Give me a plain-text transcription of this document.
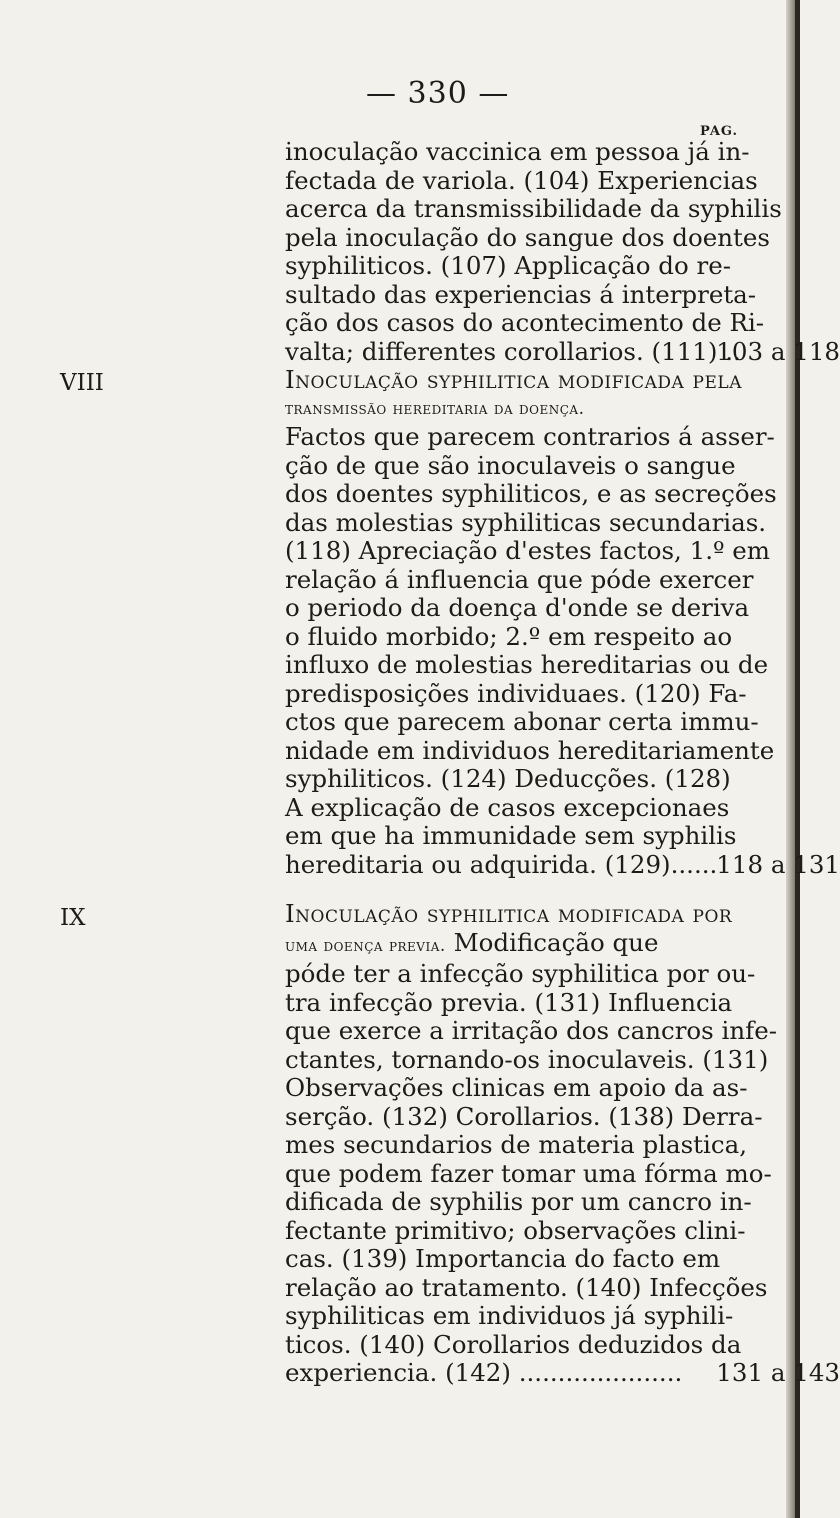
— 330 —
PAG.
inoculação vaccinica em pessoa já in-
fectada de variola. (104) Experiencias
acerca da transmissibilidade da syphilis
pela inoculação do sangue dos doentes
syphiliticos. (107) Applicação do re-
sultado das experiencias á interpreta-
ção dos casos do acontecimento de Ri-
valta; differentes corollarios. (111) ..
103 a 118
VIII	Inoculação syphilitica modificada pela
transmissão hereditaria da doença.
Factos que parecem contrarios á asser-
ção de que são inoculaveis o sangue
dos doentes syphiliticos, e as secreções
das molestias syphiliticas secundarias.
(118) Apreciação d'estes factos, 1.º em
relação á influencia que póde exercer
o periodo da doença d'onde se deriva
o fluido morbido; 2.º em respeito ao
influxo de molestias hereditarias ou de
predisposições individuaes. (120) Fa-
ctos que parecem abonar certa immu-
nidade em individuos hereditariamente
syphiliticos. (124) Deducções. (128)
A explicação de casos excepcionaes
em que ha immunidade sem syphilis
hereditaria ou adquirida. (129)......
118 a 131
IX	Inoculação syphilitica modificada por
uma doença previa. Modificação que
póde ter a infecção syphilitica por ou-
tra infecção previa. (131) Influencia
que exerce a irritação dos cancros infe-
ctantes, tornando-os inoculaveis. (131)
Observações clinicas em apoio da as-
serção. (132) Corollarios. (138) Derra-
mes secundarios de materia plastica,
que podem fazer tomar uma fórma mo-
dificada de syphilis por um cancro in-
fectante primitivo; observações clini-
cas. (139) Importancia do facto em
relação ao tratamento. (140) Infecções
syphiliticas em individuos já syphili-
ticos. (140) Corollarios deduzidos da
experiencia. (142) ..................... 131 a 143
